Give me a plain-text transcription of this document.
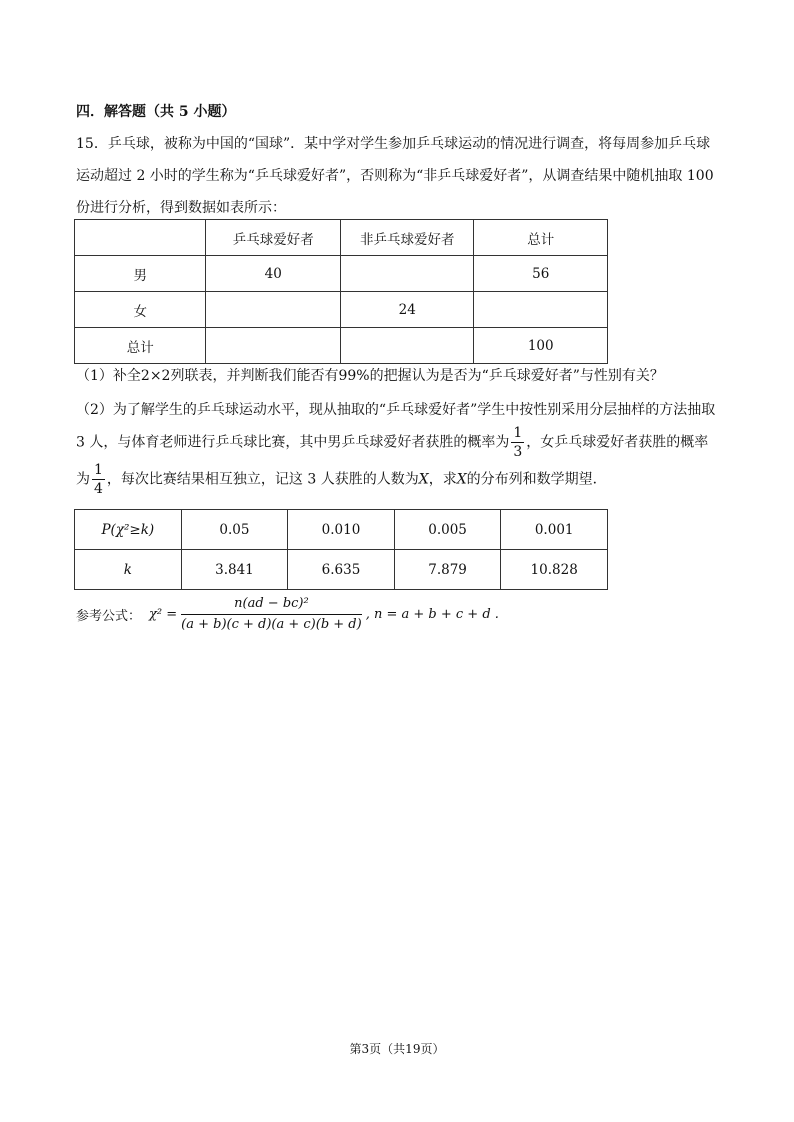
四．解答题（共 5 小题）
15．乒乓球，被称为中国的“国球”．某中学对学生参加乒乓球运动的情况进行调查，将每周参加乒乓球运动超过 2 小时的学生称为“乒乓球爱好者”，否则称为“非乒乓球爱好者”，从调查结果中随机抽取 100 份进行分析，得到数据如表所示：
	乒乓球爱好者	非乒乓球爱好者	总计
男	40		56
女		24	
总计			100
（1）补全2×2列联表，并判断我们能否有99%的把握认为是否为“乒乓球爱好者”与性别有关？
（2）为了解学生的乒乓球运动水平，现从抽取的“乒乓球爱好者”学生中按性别采用分层抽样的方法抽取 3 人，与体育老师进行乒乓球比赛，其中男乒乓球爱好者获胜的概率为 $\frac{1}{3}$ ，女乒乓球爱好者获胜的概率
为 $\frac{1}{4}$ ，每次比赛结果相互独立，记这 3 人获胜的人数为X，求X的分布列和数学期望．
P(χ²≥k)	0.05	0.010	0.005	0.001
k	3.841	6.635	7.879	10.828
参考公式： $\chi^2 = \frac{\text{n(ad − bc)²}}{(a + b)(c + d)(a + c)(b + d)}$ , n = a + b + c + d .
第3页（共19页）
